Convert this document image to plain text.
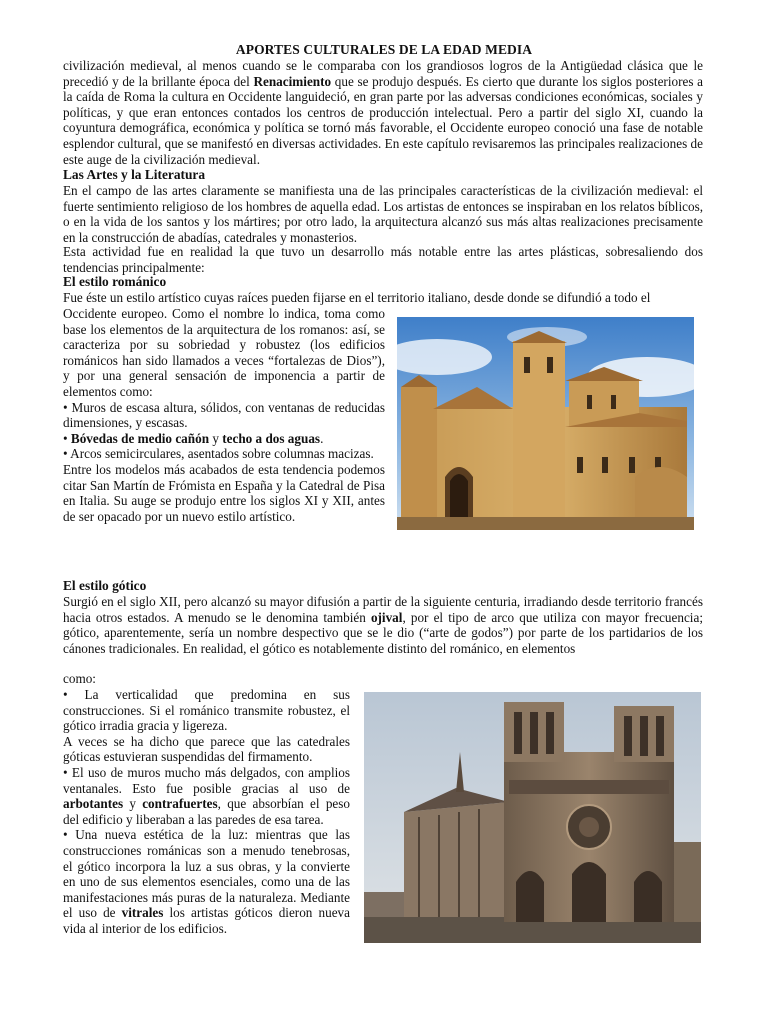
APORTES CULTURALES DE LA EDAD MEDIA

civilización medieval, al menos cuando se le comparaba con los grandiosos logros de la Antigüedad clásica que le precedió y de la brillante época del Renacimiento que se produjo después. Es cierto que durante los siglos posteriores a la caída de Roma la cultura en Occidente languideció, en gran parte por las adversas condiciones económicas, sociales y políticas, y que eran entonces contados los centros de producción intelectual. Pero a partir del siglo XI, cuando la coyuntura demográfica, económica y política se tornó más favorable, el Occidente europeo conoció una fase de notable esplendor cultural, que se manifestó en diversas actividades. En este capítulo revisaremos las principales realizaciones de este auge de la civilización medieval.

Las Artes y la Literatura

En el campo de las artes claramente se manifiesta una de las principales características de la civilización medieval: el fuerte sentimiento religioso de los hombres de aquella edad. Los artistas de entonces se inspiraban en los relatos bíblicos, o en la vida de los santos y los mártires; por otro lado, la arquitectura alcanzó sus más altas realizaciones precisamente en la construcción de abadías, catedrales y monasterios.

Esta actividad fue en realidad la que tuvo un desarrollo más notable entre las artes plásticas, sobresaliendo dos tendencias principalmente:

El estilo románico

Fue éste un estilo artístico cuyas raíces pueden fijarse en el territorio italiano, desde donde se difundió a todo el

Occidente europeo. Como el nombre lo indica, toma como base los elementos de la arquitectura de los romanos: así, se caracteriza por su sobriedad y robustez (los edificios románicos han sido llamados a veces “fortalezas de Dios”), y por una general sensación de imponencia a partir de elementos como:

• Muros de escasa altura, sólidos, con ventanas de reducidas dimensiones, y escasas.

• Bóvedas de medio cañón y techo a dos aguas.

• Arcos semicirculares, asentados sobre columnas macizas.

Entre los modelos más acabados de esta tendencia podemos citar San Martín de Frómista en España y la Catedral de Pisa en Italia. Su auge se produjo entre los siglos XI y XII, antes de ser opacado por un nuevo estilo artístico.

El estilo gótico

Surgió en el siglo XII, pero alcanzó su mayor difusión a partir de la siguiente centuria, irradiando desde territorio francés hacia otros estados. A menudo se le denomina también ojival, por el tipo de arco que utiliza con mayor frecuencia; gótico, aparentemente, sería un nombre despectivo que se le dio (“arte de godos”) por parte de los partidarios de los cánones tradicionales. En realidad, el gótico es notablemente distinto del románico, en elementos

como:

• La verticalidad que predomina en sus construcciones. Si el románico transmite robustez, el gótico irradia gracia y ligereza.

A veces se ha dicho que parece que las catedrales góticas estuvieran suspendidas del firmamento.

• El uso de muros mucho más delgados, con amplios ventanales. Esto fue posible gracias al uso de arbotantes y contrafuertes, que absorbían el peso del edificio y liberaban a las paredes de esa tarea.

• Una nueva estética de la luz: mientras que las construcciones románicas son a menudo tenebrosas, el gótico incorpora la luz a sus obras, y la convierte en uno de sus elementos esenciales, como una de las manifestaciones más puras de la naturaleza. Mediante el uso de vitrales los artistas góticos dieron nueva vida al interior de los edificios.
